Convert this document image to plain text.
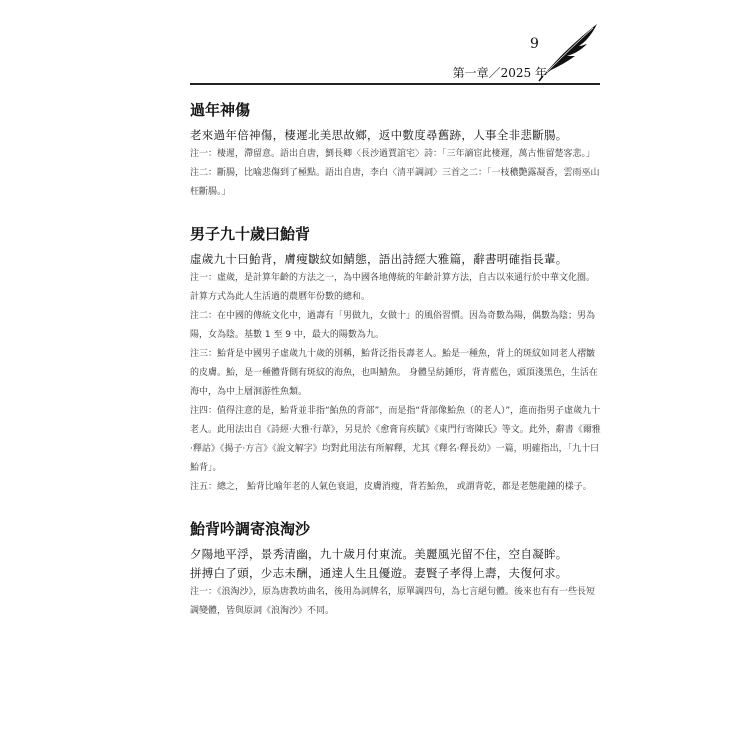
9
第一章／2025 年
過年神傷

老來過年倍神傷，棲遲北美思故鄉，返中數度尋舊跡，人事全非悲斷腸。

注一：棲遲，滯留意。語出自唐，劉長卿〈長沙過賈誼宅〉詩：「三年謫宦此棲遲，萬古惟留楚客悲。」

注二：斷腸，比喻悲傷到了極點。語出自唐，李白〈清平調詞〉三首之二：「一枝穠艷露凝香，雲雨巫山枉斷腸。」

男子九十歲曰鮐背

虛歲九十曰鮐背，膚瘦皺紋如鯖態，語出詩經大雅篇，辭書明確指長輩。

注一：虛歲，是計算年齡的方法之一，為中國各地傳統的年齡計算方法，自古以來通行於中華文化圈。計算方式為此人生活過的農曆年份數的總和。

注二：在中國的傳統文化中，過壽有「男做九，女做十」的風俗習慣。因為奇數為陽，偶數為陰；男為陽，女為陰。基數 1 至 9 中，最大的陽數為九。

注三：鮐背是中國男子虛歲九十歲的別稱，鮐背泛指長壽老人。鮐是一種魚，背上的斑紋如同老人褶皺的皮膚。鮐，是一種體背側有斑紋的海魚，也叫鯖魚。 身體呈紡錘形，背青藍色，頭頂淺黑色，生活在海中，為中上層洄游性魚類。

注四：值得注意的是，鮐背並非指“鮐魚的背部”，而是指“背部像鮐魚（的老人）”，進而指男子虛歲九十老人。此用法出自《詩經·大雅·行葦》，另見於《愈膏肓疾賦》《東門行寄陳氏》等文。此外，辭書《爾雅·釋詁》《揚子·方言》《說文解字》均對此用法有所解釋，尤其《釋名·釋長幼》一篇，明確指出，「九十曰鮐背」。

注五：總之， 鮐背比喻年老的人氣色衰退，皮膚消瘦，背若鮐魚， 或謂背乾，都是老態龍鐘的樣子。

鮐背吟調寄浪淘沙

夕陽地平浮，景秀清幽，九十歲月付東流。美麗風光留不住，空自凝眸。

拼搏白了頭，少志未酬，通達人生且優遊。妻賢子孝得上壽，夫復何求。

注一：《浪淘沙》，原為唐教坊曲名，後用為詞牌名，原單調四句，為七言絕句體。後來也有有一些長短調變體，皆與原詞《浪淘沙》不同。
